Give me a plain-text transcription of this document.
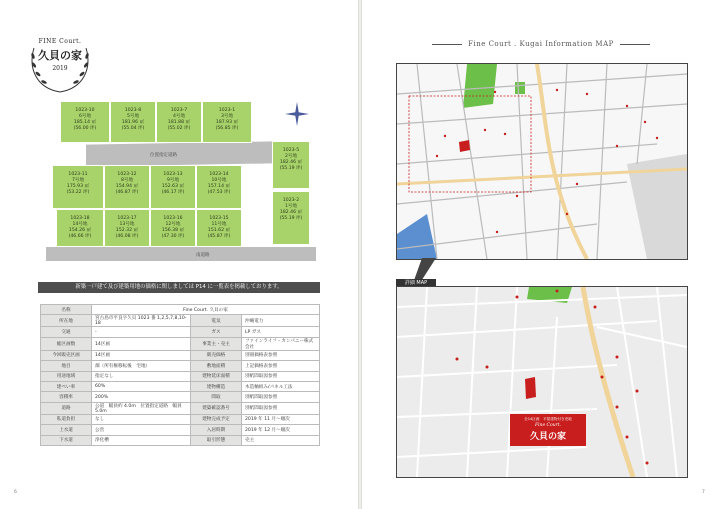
FINE Court.
久貝の家
2019
位置指定道路
南道路
1023-10
6号地
185.14 ㎡
(56.00 坪)
1023-8
5号地
181.96 ㎡
(55.04 坪)
1023-7
4号地
181.88 ㎡
(55.02 坪)
1023-1
3号地
187.93 ㎡
(56.85 坪)
1023-5
2号地
182.46 ㎡
(55.19 坪)
1023-11
7号地
175.93 ㎡
(53.22 坪)
1023-12
8号地
154.94 ㎡
(46.87 坪)
1023-13
9号地
152.63 ㎡
(46.17 坪)
1023-14
10号地
157.14 ㎡
(47.53 坪)
1023-2
1号地
182.46 ㎡
(55.19 坪)
1023-18
14号地
154.26 ㎡
(46.66 坪)
1023-17
13号地
152.32 ㎡
(46.08 坪)
1023-16
12号地
156.38 ㎡
(47.30 坪)
1023-15
11号地
151.62 ㎡
(45.87 坪)
新築一戸建て及び建築用地の価格に関しましては P14 に一覧表を掲載しております。
名称	Fine Court. 久貝の家		
所在地	宮古島市平良字久貝 1023 番 1,2,5,7,8,10-18	電気	沖縄電力
交通	-	ガス	LP ガス
総区画数	14区画	事業主・売主	ファインライフ・カンパニー株式会社
今回販売区画	14区画	販売価格	別冊価格表参照
地目	畑（所有権移転後　宅地）	敷地面積	上記価格表参照
用途地域	指定なし	建物延床面積	別紙間取図参照
建ぺい率	60%	建物構造	木造軸組み/パネル工法
容積率	200%	間取	別紙間取図参照
道路	公道　幅員約 4.0m　位置指定道路　幅員 5.0m	建築確認番号	別紙間取図参照
私道負担	なし	建物完成予定	2019 年 11 月～順次
上水道	公営	入居時期	2019 年 12 月～順次
下水道	浄化槽	取引形態	売主
6
Fine Court . Kugai Information MAP
詳細 MAP
全14区画　平屋建物付き売地
Fine Court.
久貝の家
7
